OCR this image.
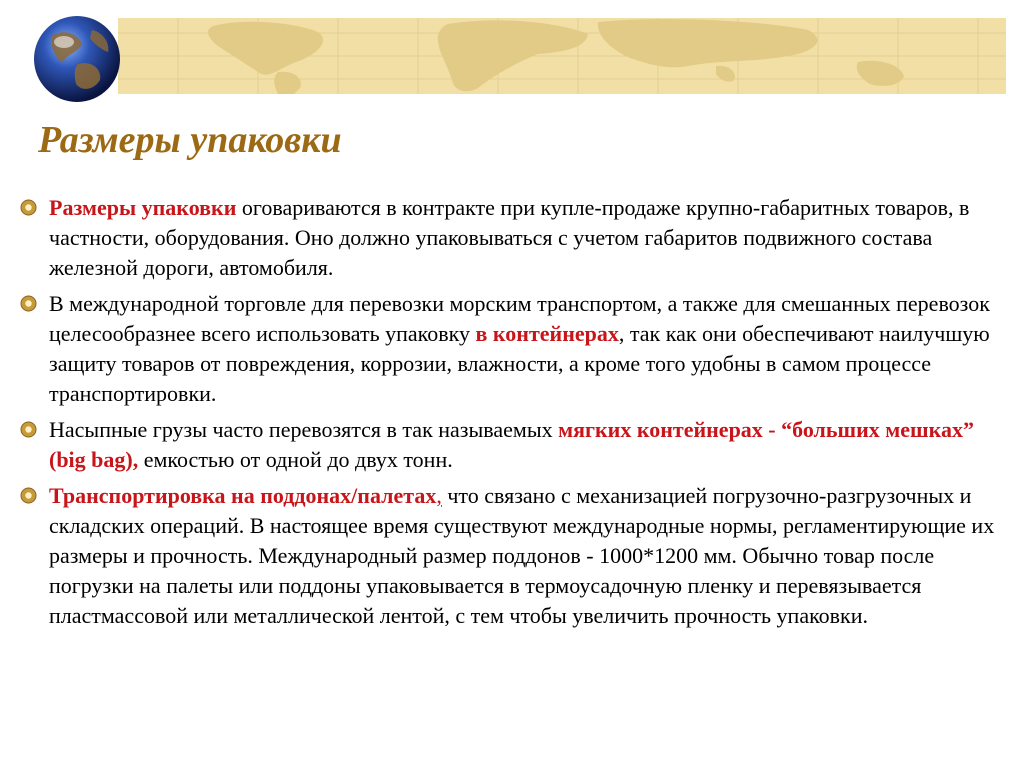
Размеры упаковки
Размеры упаковки оговариваются в контракте при купле-продаже крупно-габаритных товаров, в частности, оборудования. Оно должно упаковываться с учетом габаритов подвижного состава железной дороги, автомобиля.
В международной торговле для перевозки морским транспортом, а также для смешанных перевозок целесообразнее всего использовать упаковку в контейнерах, так как они обеспечивают наилучшую защиту товаров от повреждения, коррозии, влажности, а кроме того удобны в самом процессе транспортировки.
Насыпные грузы часто перевозятся в так называемых мягких контейнерах - “больших мешках” (big bag), емкостью от одной до двух тонн.
Транспортировка на поддонах/палетах, что связано с механизацией погрузочно-разгрузочных и складских операций. В настоящее время существуют международные нормы, регламентирующие их размеры и прочность. Международный размер поддонов - 1000*1200 мм. Обычно товар после погрузки на палеты или поддоны упаковывается в термоусадочную пленку и перевязывается пластмассовой или металлической лентой, с тем чтобы увеличить прочность упаковки.
